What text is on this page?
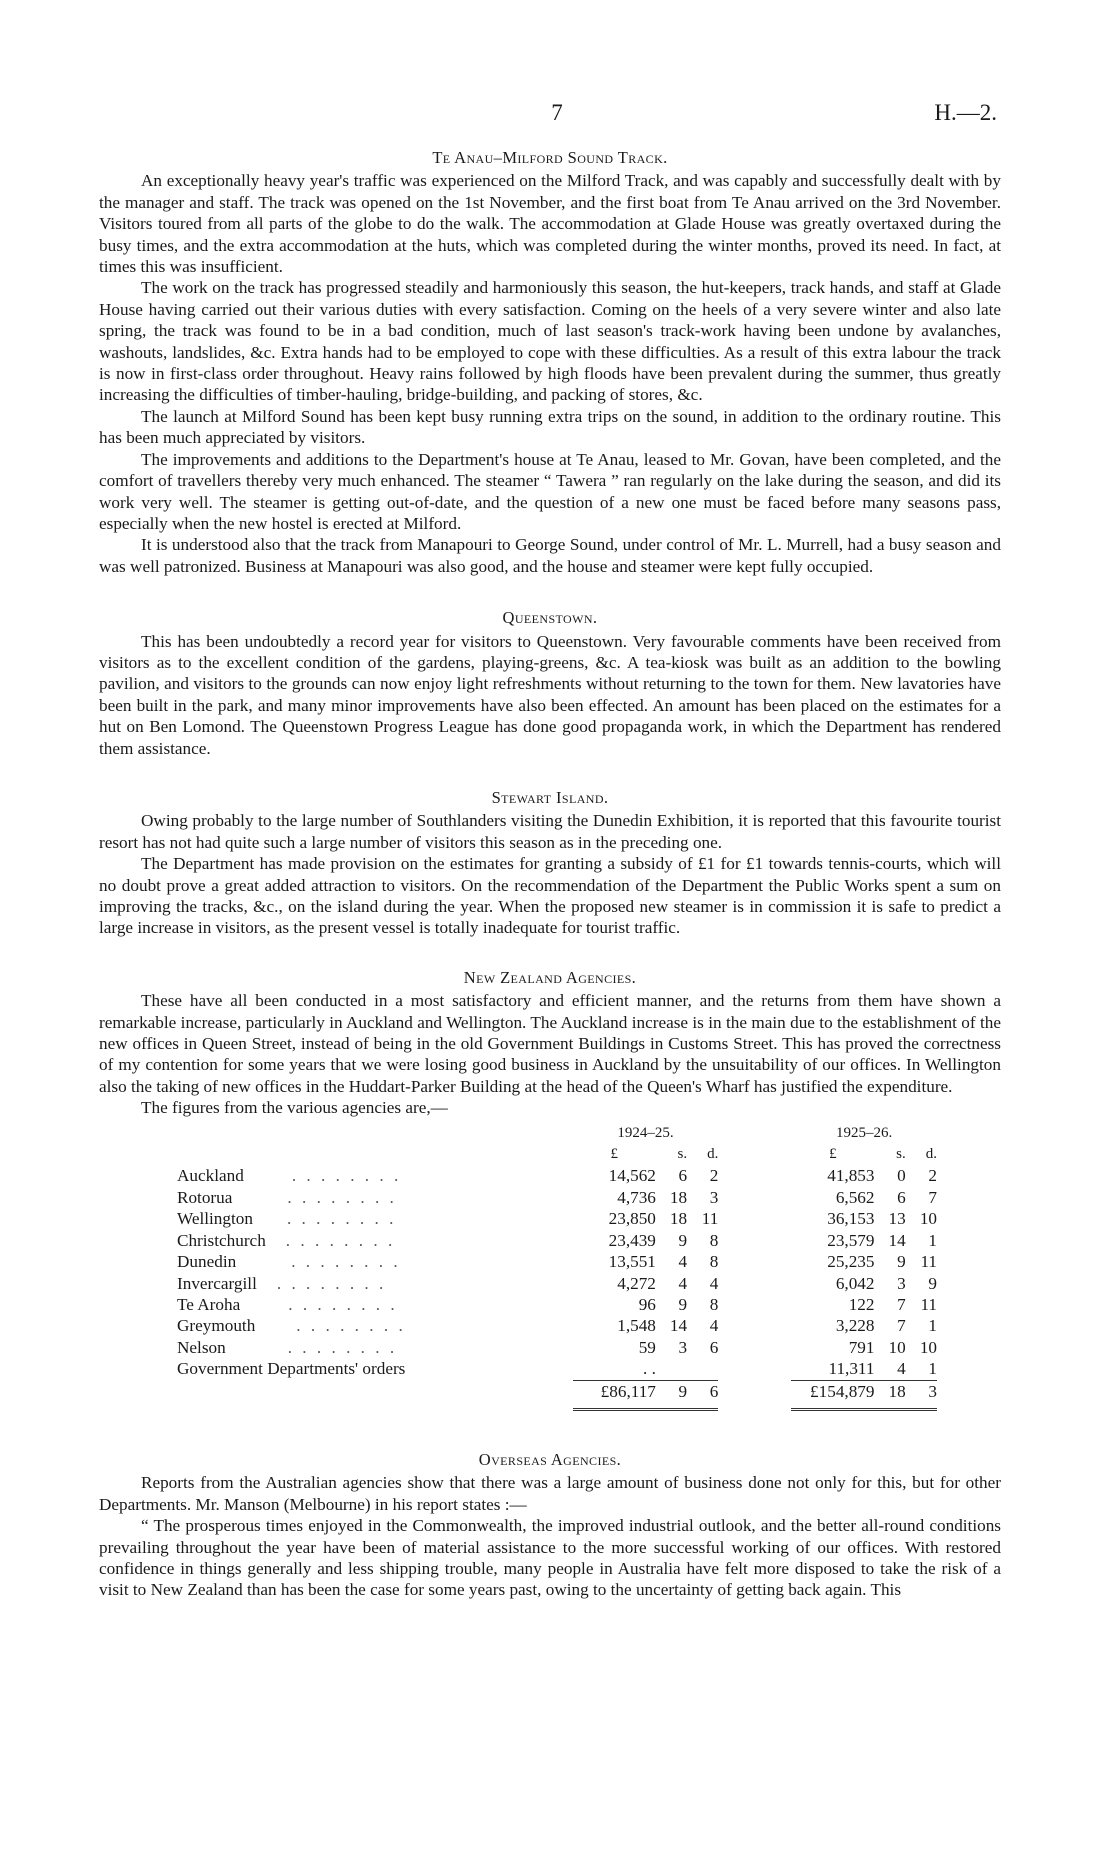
7	H.—2.
Te Anau–Milford Sound Track.

An exceptionally heavy year's traffic was experienced on the Milford Track, and was capably and successfully dealt with by the manager and staff. The track was opened on the 1st November, and the first boat from Te Anau arrived on the 3rd November. Visitors toured from all parts of the globe to do the walk. The accommodation at Glade House was greatly overtaxed during the busy times, and the extra accommodation at the huts, which was completed during the winter months, proved its need. In fact, at times this was insufficient.

The work on the track has progressed steadily and harmoniously this season, the hut-keepers, track hands, and staff at Glade House having carried out their various duties with every satisfaction. Coming on the heels of a very severe winter and also late spring, the track was found to be in a bad condition, much of last season's track-work having been undone by avalanches, washouts, landslides, &c. Extra hands had to be employed to cope with these difficulties. As a result of this extra labour the track is now in first-class order throughout. Heavy rains followed by high floods have been prevalent during the summer, thus greatly increasing the difficulties of timber-hauling, bridge-building, and packing of stores, &c.

The launch at Milford Sound has been kept busy running extra trips on the sound, in addition to the ordinary routine. This has been much appreciated by visitors.

The improvements and additions to the Department's house at Te Anau, leased to Mr. Govan, have been completed, and the comfort of travellers thereby very much enhanced. The steamer “ Tawera ” ran regularly on the lake during the season, and did its work very well. The steamer is getting out-of-date, and the question of a new one must be faced before many seasons pass, especially when the new hostel is erected at Milford.

It is understood also that the track from Manapouri to George Sound, under control of Mr. L. Murrell, had a busy season and was well patronized. Business at Manapouri was also good, and the house and steamer were kept fully occupied.

Queenstown.

This has been undoubtedly a record year for visitors to Queenstown. Very favourable comments have been received from visitors as to the excellent condition of the gardens, playing-greens, &c. A tea-kiosk was built as an addition to the bowling pavilion, and visitors to the grounds can now enjoy light refreshments without returning to the town for them. New lavatories have been built in the park, and many minor improvements have also been effected. An amount has been placed on the estimates for a hut on Ben Lomond. The Queenstown Progress League has done good propaganda work, in which the Department has rendered them assistance.

Stewart Island.

Owing probably to the large number of Southlanders visiting the Dunedin Exhibition, it is reported that this favourite tourist resort has not had quite such a large number of visitors this season as in the preceding one.

The Department has made provision on the estimates for granting a subsidy of £1 for £1 towards tennis-courts, which will no doubt prove a great added attraction to visitors. On the recommendation of the Department the Public Works spent a sum on improving the tracks, &c., on the island during the year. When the proposed new steamer is in commission it is safe to predict a large increase in visitors, as the present vessel is totally inadequate for tourist traffic.

New Zealand Agencies.

These have all been conducted in a most satisfactory and efficient manner, and the returns from them have shown a remarkable increase, particularly in Auckland and Wellington. The Auckland increase is in the main due to the establishment of the new offices in Queen Street, instead of being in the old Government Buildings in Customs Street. This has proved the correctness of my contention for some years that we were losing good business in Auckland by the unsuitability of our offices. In Wellington also the taking of new offices in the Huddart-Parker Building at the head of the Queen's Wharf has justified the expenditure.

The figures from the various agencies are,—

	1924–25.				1925–26.		
	£	s.	d.		£	s.	d.
Auckland . . . . . . . .	14,562	6	2		41,853	0	2
Rotorua . . . . . . . .	4,736	18	3		6,562	6	7
Wellington . . . . . . . .	23,850	18	11		36,153	13	10
Christchurch . . . . . . . .	23,439	9	8		23,579	14	1
Dunedin . . . . . . . .	13,551	4	8		25,235	9	11
Invercargill . . . . . . . .	4,272	4	4		6,042	3	9
Te Aroha . . . . . . . .	96	9	8		122	7	11
Greymouth . . . . . . . .	1,548	14	4		3,228	7	1
Nelson . . . . . . . .	59	3	6		791	10	10
Government Departments' orders	. .				11,311	4	1
	£86,117	9	6		£154,879	18	3

Overseas Agencies.

Reports from the Australian agencies show that there was a large amount of business done not only for this, but for other Departments. Mr. Manson (Melbourne) in his report states :—

“ The prosperous times enjoyed in the Commonwealth, the improved industrial outlook, and the better all-round conditions prevailing throughout the year have been of material assistance to the more successful working of our offices. With restored confidence in things generally and less shipping trouble, many people in Australia have felt more disposed to take the risk of a visit to New Zealand than has been the case for some years past, owing to the uncertainty of getting back again. This
